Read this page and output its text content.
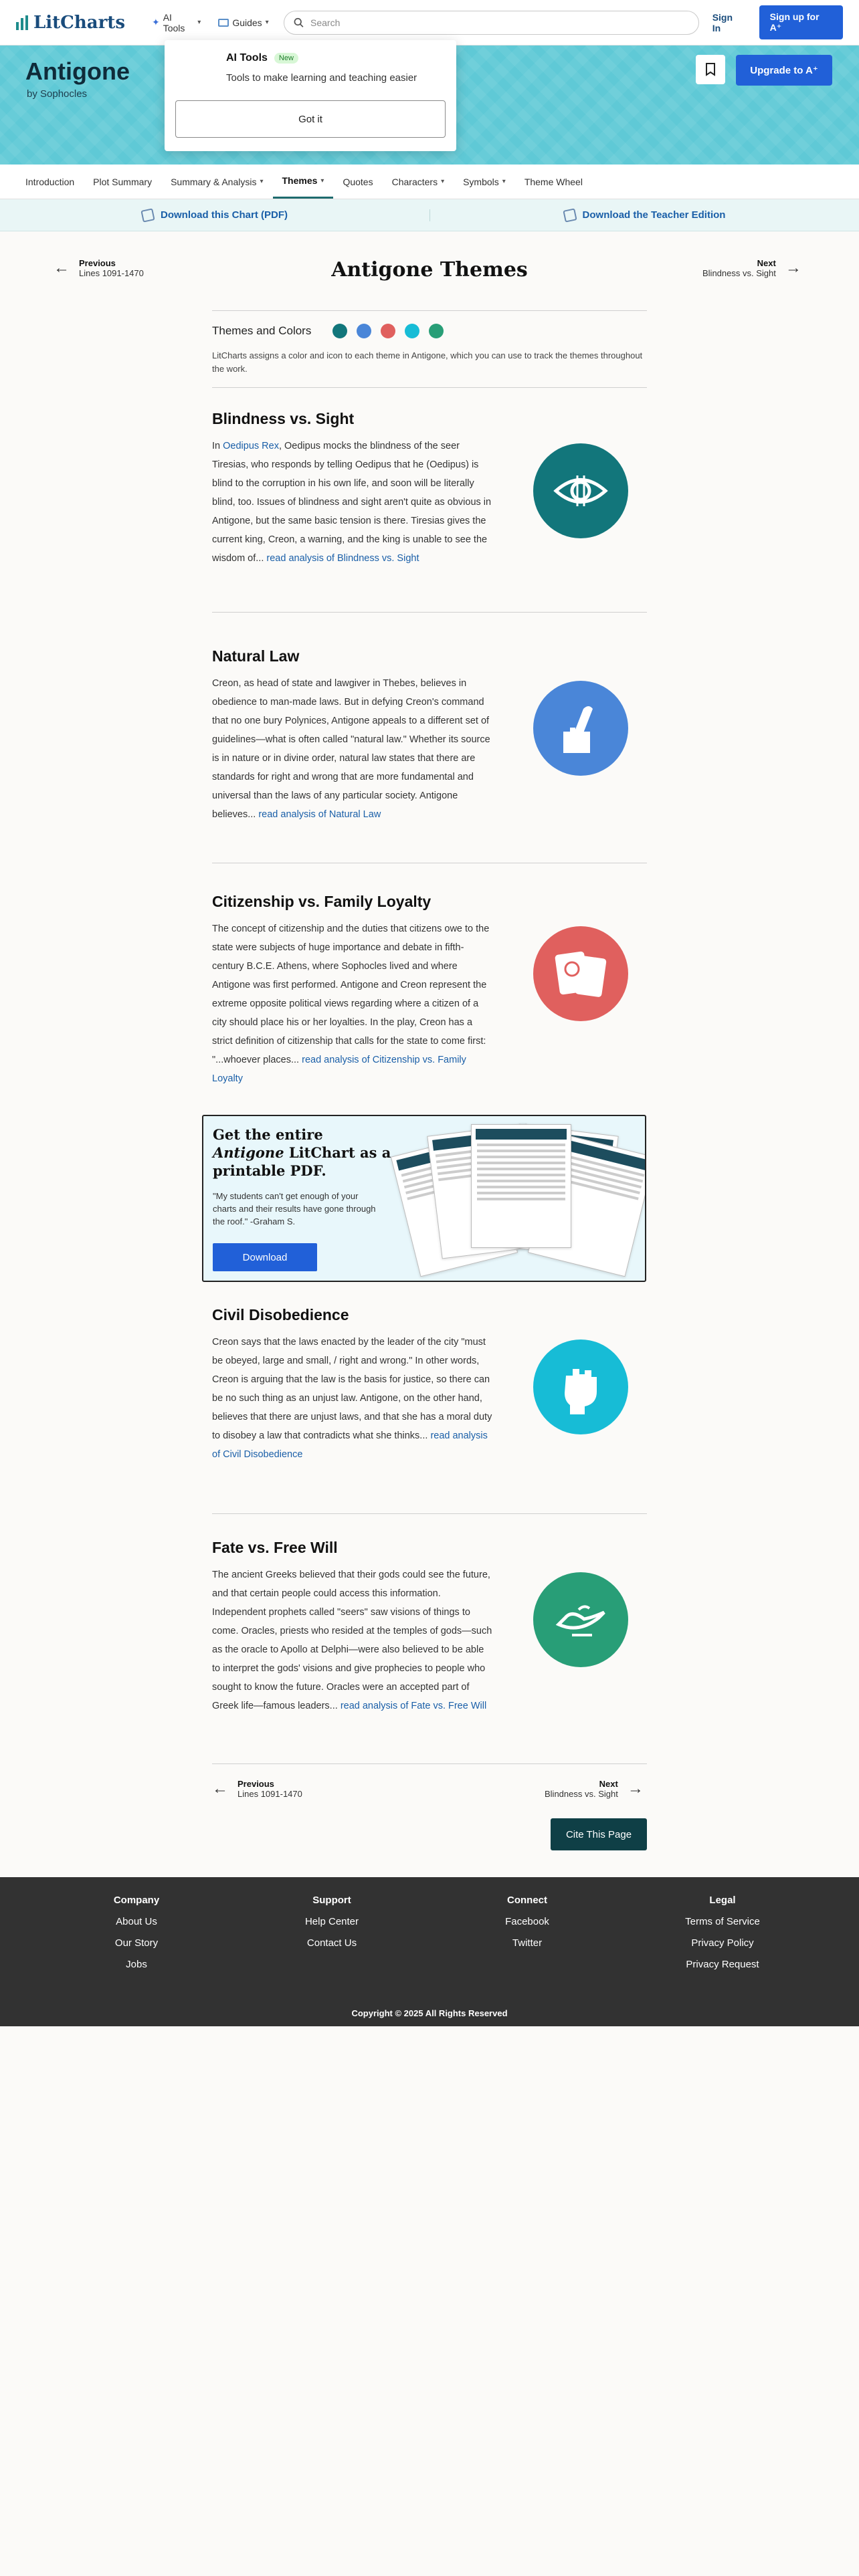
LitCharts	✦ AI Tools	▾	Guides ▾
Search	Sign In
Sign up for A⁺
Antigone
by Sophocles
Upgrade to A⁺
AI Tools	New
Tools to make learning and teaching easier
Got it
Introduction Plot Summary Summary & Analysis ▾ Themes ▾ Quotes Characters ▾ Symbols ▾ Theme Wheel
Download this Chart (PDF)	Download the Teacher Edition
← Previous
Lines 1091-1470	Antigone Themes	Next
Blindness vs. Sight →
Themes and Colors
LitCharts assigns a color and icon to each theme in Antigone, which you can use to track the themes throughout the work.
Blindness vs. Sight
In Oedipus Rex, Oedipus mocks the blindness of the seer Tiresias, who responds by telling Oedipus that he (Oedipus) is blind to the corruption in his own life, and soon will be literally blind, too. Issues of blindness and sight aren't quite as obvious in Antigone, but the same basic tension is there. Tiresias gives the current king, Creon, a warning, and the king is unable to see the wisdom of... read analysis of Blindness vs. Sight
Natural Law
Creon, as head of state and lawgiver in Thebes, believes in obedience to man-made laws. But in defying Creon's command that no one bury Polynices, Antigone appeals to a different set of guidelines—what is often called "natural law." Whether its source is in nature or in divine order, natural law states that there are standards for right and wrong that are more fundamental and universal than the laws of any particular society. Antigone believes... read analysis of Natural Law
Citizenship vs. Family Loyalty
The concept of citizenship and the duties that citizens owe to the state were subjects of huge importance and debate in fifth-century B.C.E. Athens, where Sophocles lived and where Antigone was first performed. Antigone and Creon represent the extreme opposite political views regarding where a citizen of a city should place his or her loyalties. In the play, Creon has a strict definition of citizenship that calls for the state to come first: "...whoever places... read analysis of Citizenship vs. Family Loyalty
Civil Disobedience
Creon says that the laws enacted by the leader of the city "must be obeyed, large and small, / right and wrong." In other words, Creon is arguing that the law is the basis for justice, so there can be no such thing as an unjust law. Antigone, on the other hand, believes that there are unjust laws, and that she has a moral duty to disobey a law that contradicts what she thinks... read analysis of Civil Disobedience
Fate vs. Free Will
The ancient Greeks believed that their gods could see the future, and that certain people could access this information. Independent prophets called "seers" saw visions of things to come. Oracles, priests who resided at the temples of gods—such as the oracle to Apollo at Delphi—were also believed to be able to interpret the gods' visions and give prophecies to people who sought to know the future. Oracles were an accepted part of Greek life—famous leaders... read analysis of Fate vs. Free Will
Get the entire Antigone LitChart as a printable PDF.
"My students can't get enough of your charts and their results have gone through the roof." -Graham S.
Download
← Previous
Lines 1091-1470
Next
Blindness vs. Sight →
Cite This Page
Copyright © 2025 All Rights Reserved
Company
About Us
Our Story
Jobs
Support
Help Center
Contact Us
Connect
Facebook
Twitter
Legal
Terms of Service
Privacy Policy
Privacy Request
